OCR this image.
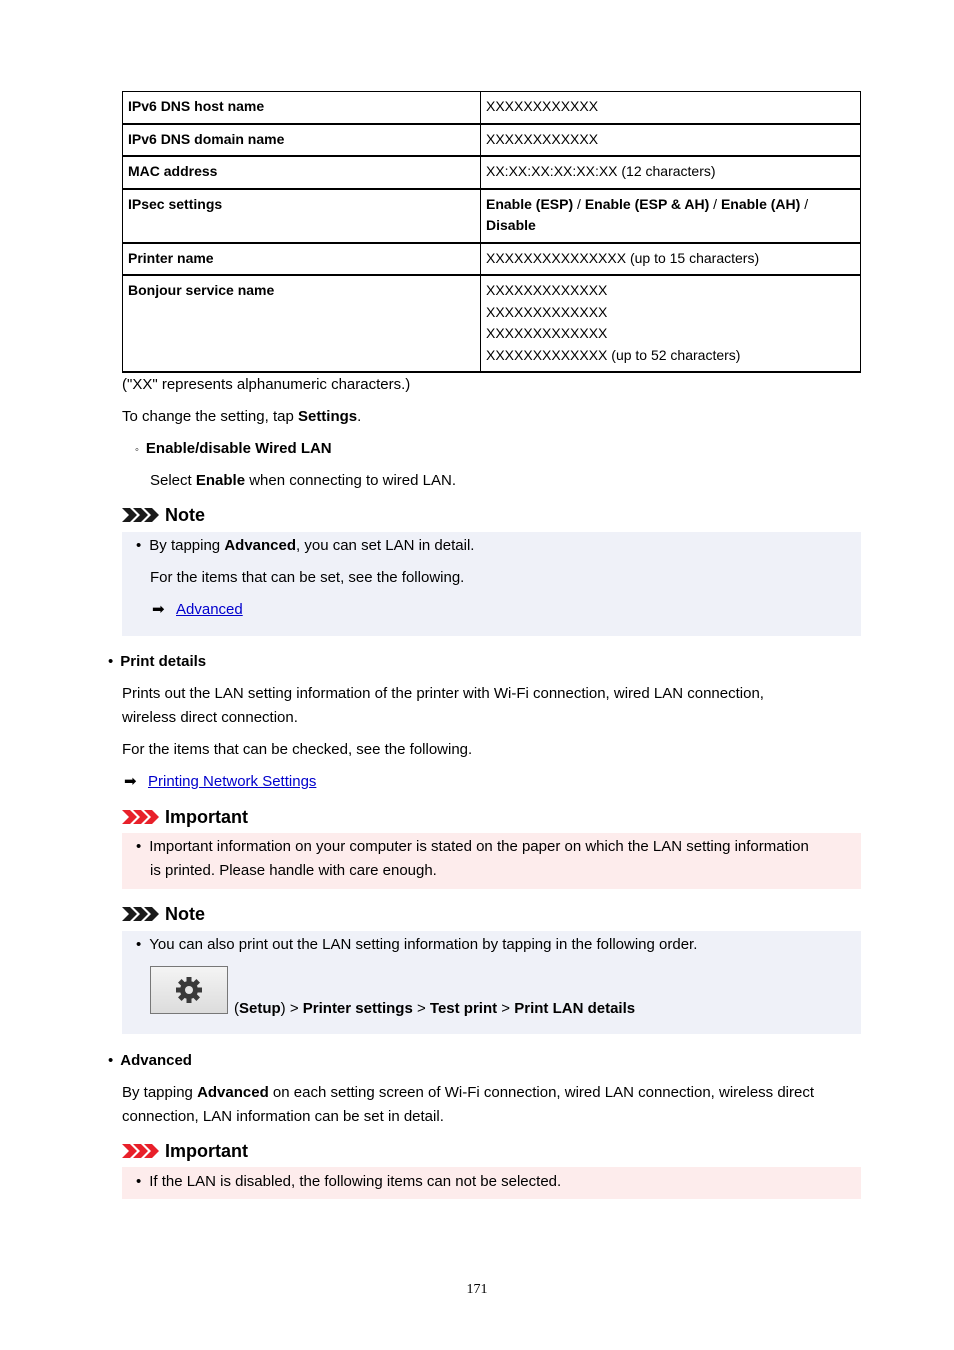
IPv6 DNS host name	XXXXXXXXXXXX
IPv6 DNS domain name	XXXXXXXXXXXX
MAC address	XX:XX:XX:XX:XX:XX (12 characters)
IPsec settings	Enable (ESP) / Enable (ESP & AH) / Enable (AH) /
Disable
Printer name	XXXXXXXXXXXXXXX (up to 15 characters)
Bonjour service name	XXXXXXXXXXXXX
XXXXXXXXXXXXX
XXXXXXXXXXXXX
XXXXXXXXXXXXX (up to 52 characters)
("XX" represents alphanumeric characters.)
To change the setting, tap Settings.
◦ Enable/disable Wired LAN
Select Enable when connecting to wired LAN.
Note
• By tapping Advanced, you can set LAN in detail.
For the items that can be set, see the following.
➡ Advanced
• Print details
Prints out the LAN setting information of the printer with Wi-Fi connection, wired LAN connection,
wireless direct connection.
For the items that can be checked, see the following.
➡ Printing Network Settings
Important
• Important information on your computer is stated on the paper on which the LAN setting information
is printed. Please handle with care enough.
Note
• You can also print out the LAN setting information by tapping in the following order.
(Setup) > Printer settings > Test print > Print LAN details
• Advanced
By tapping Advanced on each setting screen of Wi-Fi connection, wired LAN connection, wireless direct
connection, LAN information can be set in detail.
Important
• If the LAN is disabled, the following items can not be selected.
171
